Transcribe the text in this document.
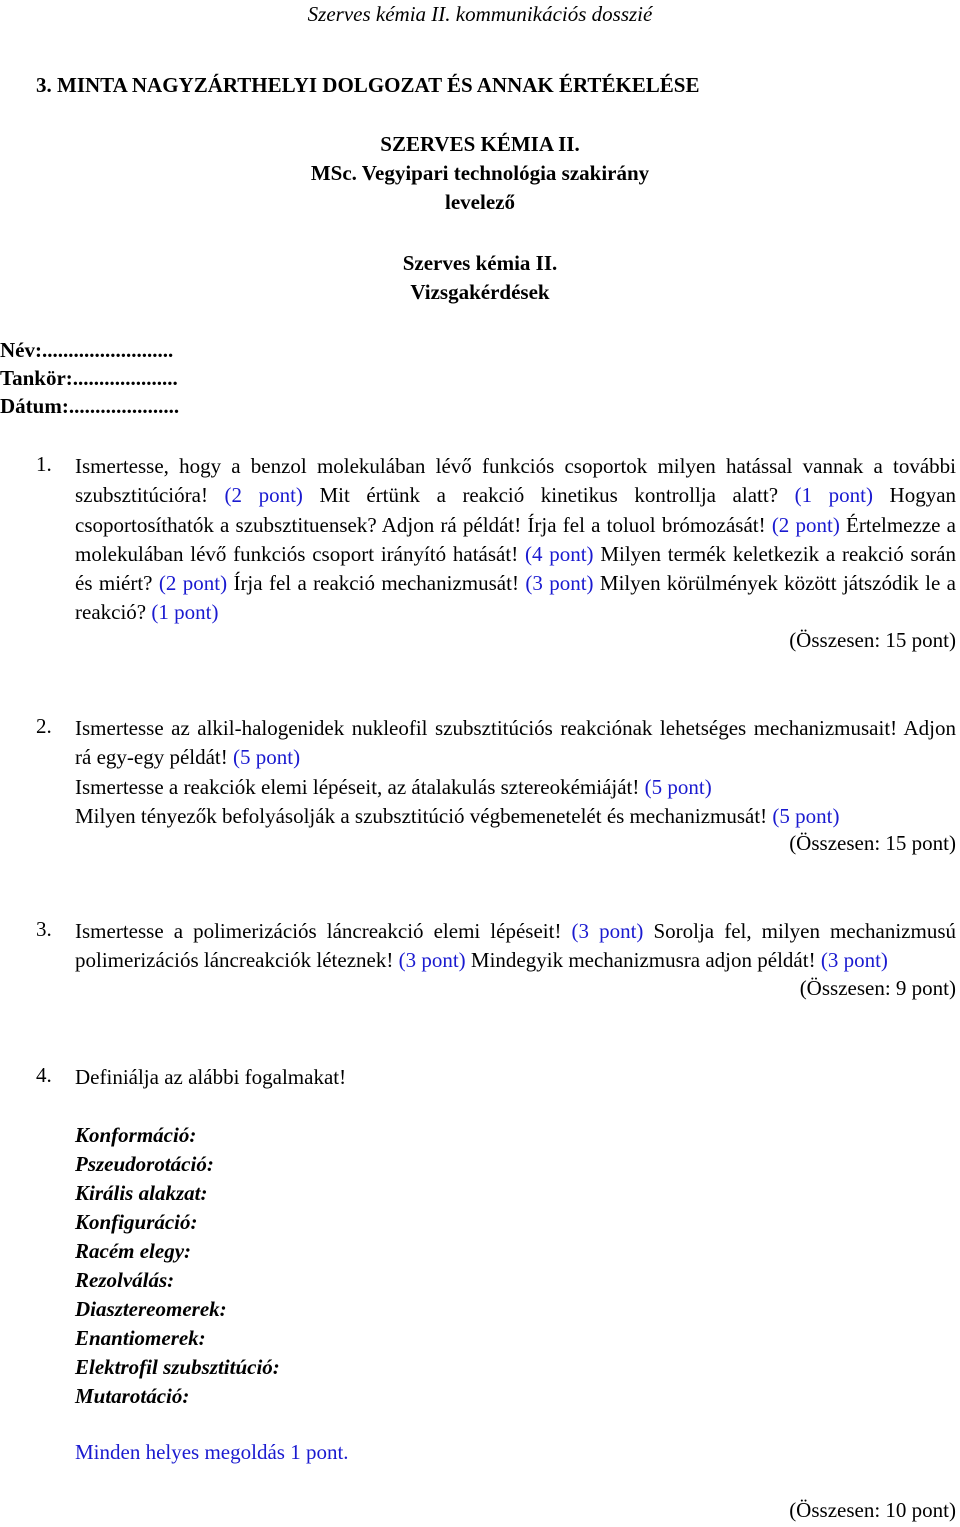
Szerves kémia II. kommunikációs dosszié
3. MINTA NAGYZÁRTHELYI DOLGOZAT ÉS ANNAK ÉRTÉKELÉSE
SZERVES KÉMIA II.
MSc. Vegyipari technológia szakirány
levelező
Szerves kémia II.
Vizsgakérdések
Név:.........................
Tankör:....................
Dátum:.....................
1. Ismertesse, hogy a benzol molekulában lévő funkciós csoportok milyen hatással vannak a további szubsztitúcióra! (2 pont) Mit értünk a reakció kinetikus kontrollja alatt? (1 pont) Hogyan csoportosíthatók a szubsztituensek? Adjon rá példát! Írja fel a toluol brómozását! (2 pont) Értelmezze a molekulában lévő funkciós csoport irányító hatását! (4 pont) Milyen termék keletkezik a reakció során és miért? (2 pont) Írja fel a reakció mechanizmusát! (3 pont) Milyen körülmények között játszódik le a reakció? (1 pont)
(Összesen: 15 pont)
2. Ismertesse az alkil-halogenidek nukleofil szubsztitúciós reakciónak lehetséges mechanizmusait! Adjon rá egy-egy példát! (5 pont)
Ismertesse a reakciók elemi lépéseit, az átalakulás sztereokémiáját! (5 pont)
Milyen tényezők befolyásolják a szubsztitúció végbemenetelét és mechanizmusát! (5 pont)
(Összesen: 15 pont)
3. Ismertesse a polimerizációs láncreakció elemi lépéseit! (3 pont) Sorolja fel, milyen mechanizmusú polimerizációs láncreakciók léteznek! (3 pont) Mindegyik mechanizmusra adjon példát! (3 pont)
(Összesen: 9 pont)
4. Definiálja az alábbi fogalmakat!
Konformáció:
Pszeudorotáció:
Királis alakzat:
Konfiguráció:
Racém elegy:
Rezolválás:
Diasztereomerek:
Enantiomerek:
Elektrofil szubsztitúció:
Mutarotáció:
Minden helyes megoldás 1 pont.
(Összesen: 10 pont)
